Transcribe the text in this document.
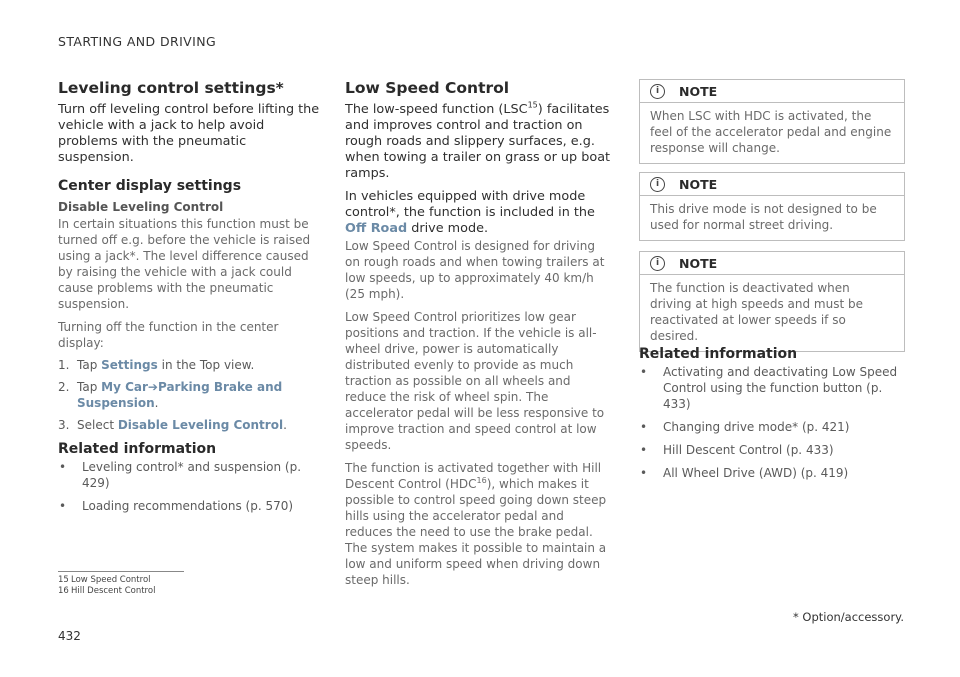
STARTING AND DRIVING
Leveling control settings*

Turn off leveling control before lifting the vehicle with a jack to help avoid problems with the pneumatic suspension.

Center display settings
Disable Leveling Control

In certain situations this function must be turned off e.g. before the vehicle is raised using a jack*. The level difference caused by raising the vehicle with a jack could cause problems with the pneumatic suspension.

Turning off the function in the center display:

1. Tap Settings in the Top view.
2. Tap My Car➔Parking Brake and Suspension.
3. Select Disable Leveling Control.
Related information
• Leveling control* and suspension (p. 429)
• Loading recommendations (p. 570)
Low Speed Control

The low-speed function (LSC$^{15}$) facilitates and improves control and traction on rough roads and slippery surfaces, e.g. when towing a trailer on grass or up boat ramps.

In vehicles equipped with drive mode control*, the function is included in the Off Road drive mode.

Low Speed Control is designed for driving on rough roads and when towing trailers at low speeds, up to approximately 40 km/h (25 mph).

Low Speed Control prioritizes low gear positions and traction. If the vehicle is all-wheel drive, power is automatically distributed evenly to provide as much traction as possible on all wheels and reduce the risk of wheel spin. The accelerator pedal will be less responsive to improve traction and speed control at low speeds.

The function is activated together with Hill Descent Control (HDC$^{16}$), which makes it possible to control speed going down steep hills using the accelerator pedal and reduces the need to use the brake pedal. The system makes it possible to maintain a low and uniform speed when driving down steep hills.

i	NOTE
When LSC with HDC is activated, the feel of the accelerator pedal and engine response will change.
i	NOTE
This drive mode is not designed to be used for normal street driving.
i	NOTE
The function is deactivated when driving at high speeds and must be reactivated at lower speeds if so desired.
Related information
• Activating and deactivating Low Speed Control using the function button (p. 433)
• Changing drive mode* (p. 421)
• Hill Descent Control (p. 433)
• All Wheel Drive (AWD) (p. 419)
15 Low Speed Control
16 Hill Descent Control
432
* Option/accessory.
